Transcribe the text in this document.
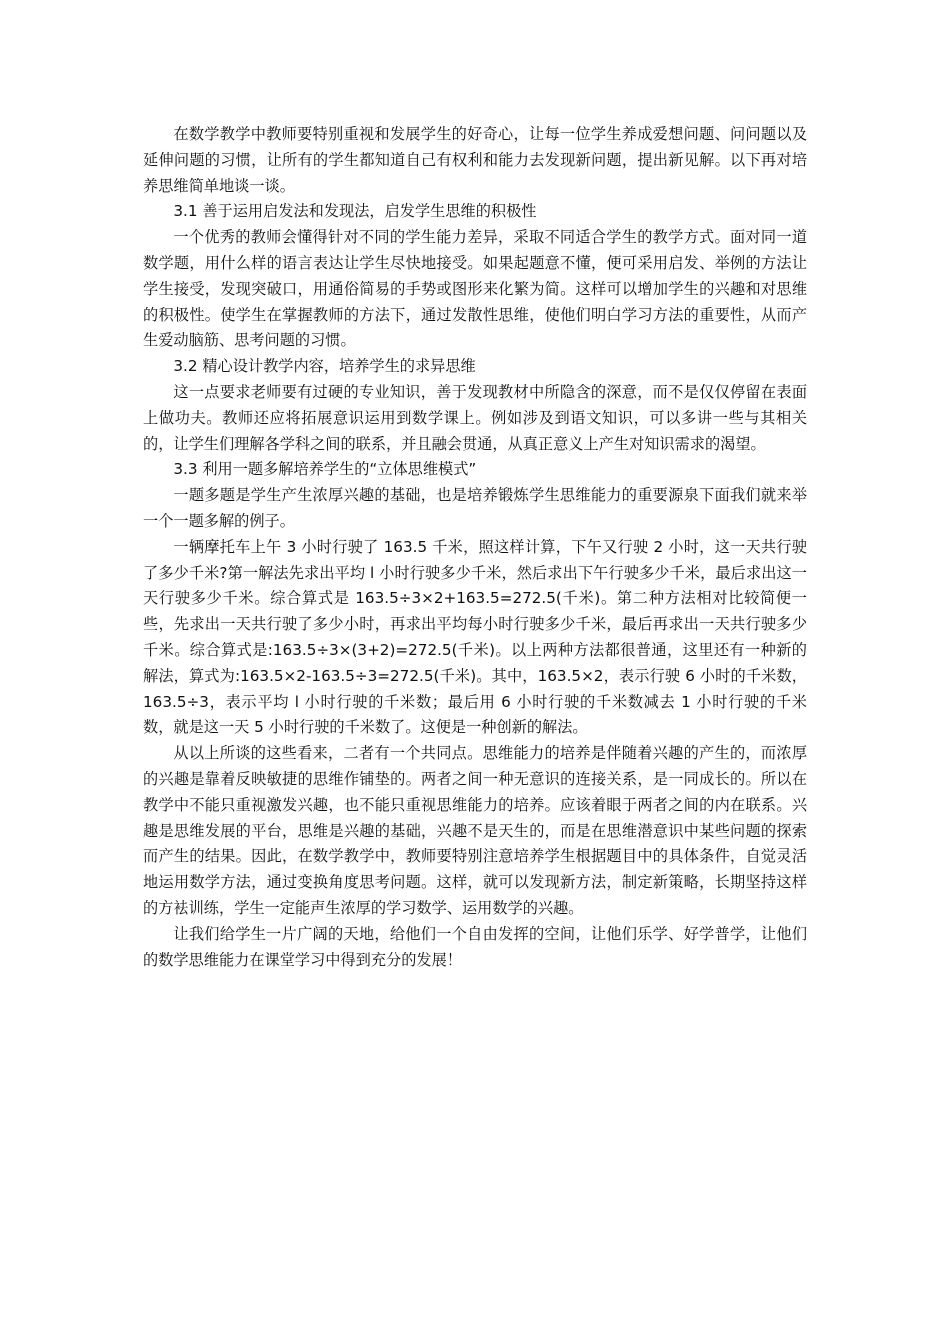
在数学教学中教师要特别重视和发展学生的好奇心，让每一位学生养成爱想问题、问问题以及延伸问题的习惯，让所有的学生都知道自己有权利和能力去发现新问题，提出新见解。以下再对培养思维简单地谈一谈。

3.1 善于运用启发法和发现法，启发学生思维的积极性

一个优秀的教师会懂得针对不同的学生能力差异，采取不同适合学生的教学方式。面对同一道数学题，用什么样的语言表达让学生尽快地接受。如果起题意不懂，便可采用启发、举例的方法让学生接受，发现突破口，用通俗简易的手势或图形来化繁为简。这样可以增加学生的兴趣和对思维的积极性。使学生在掌握教师的方法下，通过发散性思维，使他们明白学习方法的重要性，从而产生爱动脑筋、思考问题的习惯。

3.2 精心设计教学内容，培养学生的求异思维

这一点要求老师要有过硬的专业知识，善于发现教材中所隐含的深意，而不是仅仅停留在表面上做功夫。教师还应将拓展意识运用到数学课上。例如涉及到语文知识，可以多讲一些与其相关的，让学生们理解各学科之间的联系，并且融会贯通，从真正意义上产生对知识需求的渴望。

3.3 利用一题多解培养学生的“立体思维模式”

一题多题是学生产生浓厚兴趣的基础，也是培养锻炼学生思维能力的重要源泉下面我们就来举一个一题多解的例子。

一辆摩托车上午 3 小时行驶了 163.5 千米，照这样计算，下午又行驶 2 小时，这一天共行驶了多少千米?第一解法先求出平均 l 小时行驶多少千米，然后求出下午行驶多少千米，最后求出这一天行驶多少千米。综合算式是 163.5÷3×2+163.5=272.5(千米)。第二种方法相对比较简便一些，先求出一天共行驶了多少小时，再求出平均每小时行驶多少千米，最后再求出一天共行驶多少千米。综合算式是:163.5÷3×(3+2)=272.5(千米)。以上两种方法都很普通，这里还有一种新的解法，算式为:163.5×2-163.5÷3=272.5(千米)。其中，163.5×2，表示行驶 6 小时的千米数，163.5÷3，表示平均 l 小时行驶的千米数；最后用 6 小时行驶的千米数减去 1 小时行驶的千米数，就是这一天 5 小时行驶的千米数了。这便是一种创新的解法。

从以上所谈的这些看来，二者有一个共同点。思维能力的培养是伴随着兴趣的产生的，而浓厚的兴趣是靠着反映敏捷的思维作铺垫的。两者之间一种无意识的连接关系，是一同成长的。所以在教学中不能只重视激发兴趣，也不能只重视思维能力的培养。应该着眼于两者之间的内在联系。兴趣是思维发展的平台，思维是兴趣的基础，兴趣不是天生的，而是在思维潜意识中某些问题的探索而产生的结果。因此，在数学教学中，教师要特别注意培养学生根据题目中的具体条件，自觉灵活地运用数学方法，通过变换角度思考问题。这样，就可以发现新方法，制定新策略，长期坚持这样的方袪训练，学生一定能声生浓厚的学习数学、运用数学的兴趣。

让我们给学生一片广阔的天地，给他们一个自由发挥的空间，让他们乐学、好学普学，让他们的数学思维能力在课堂学习中得到充分的发展！
